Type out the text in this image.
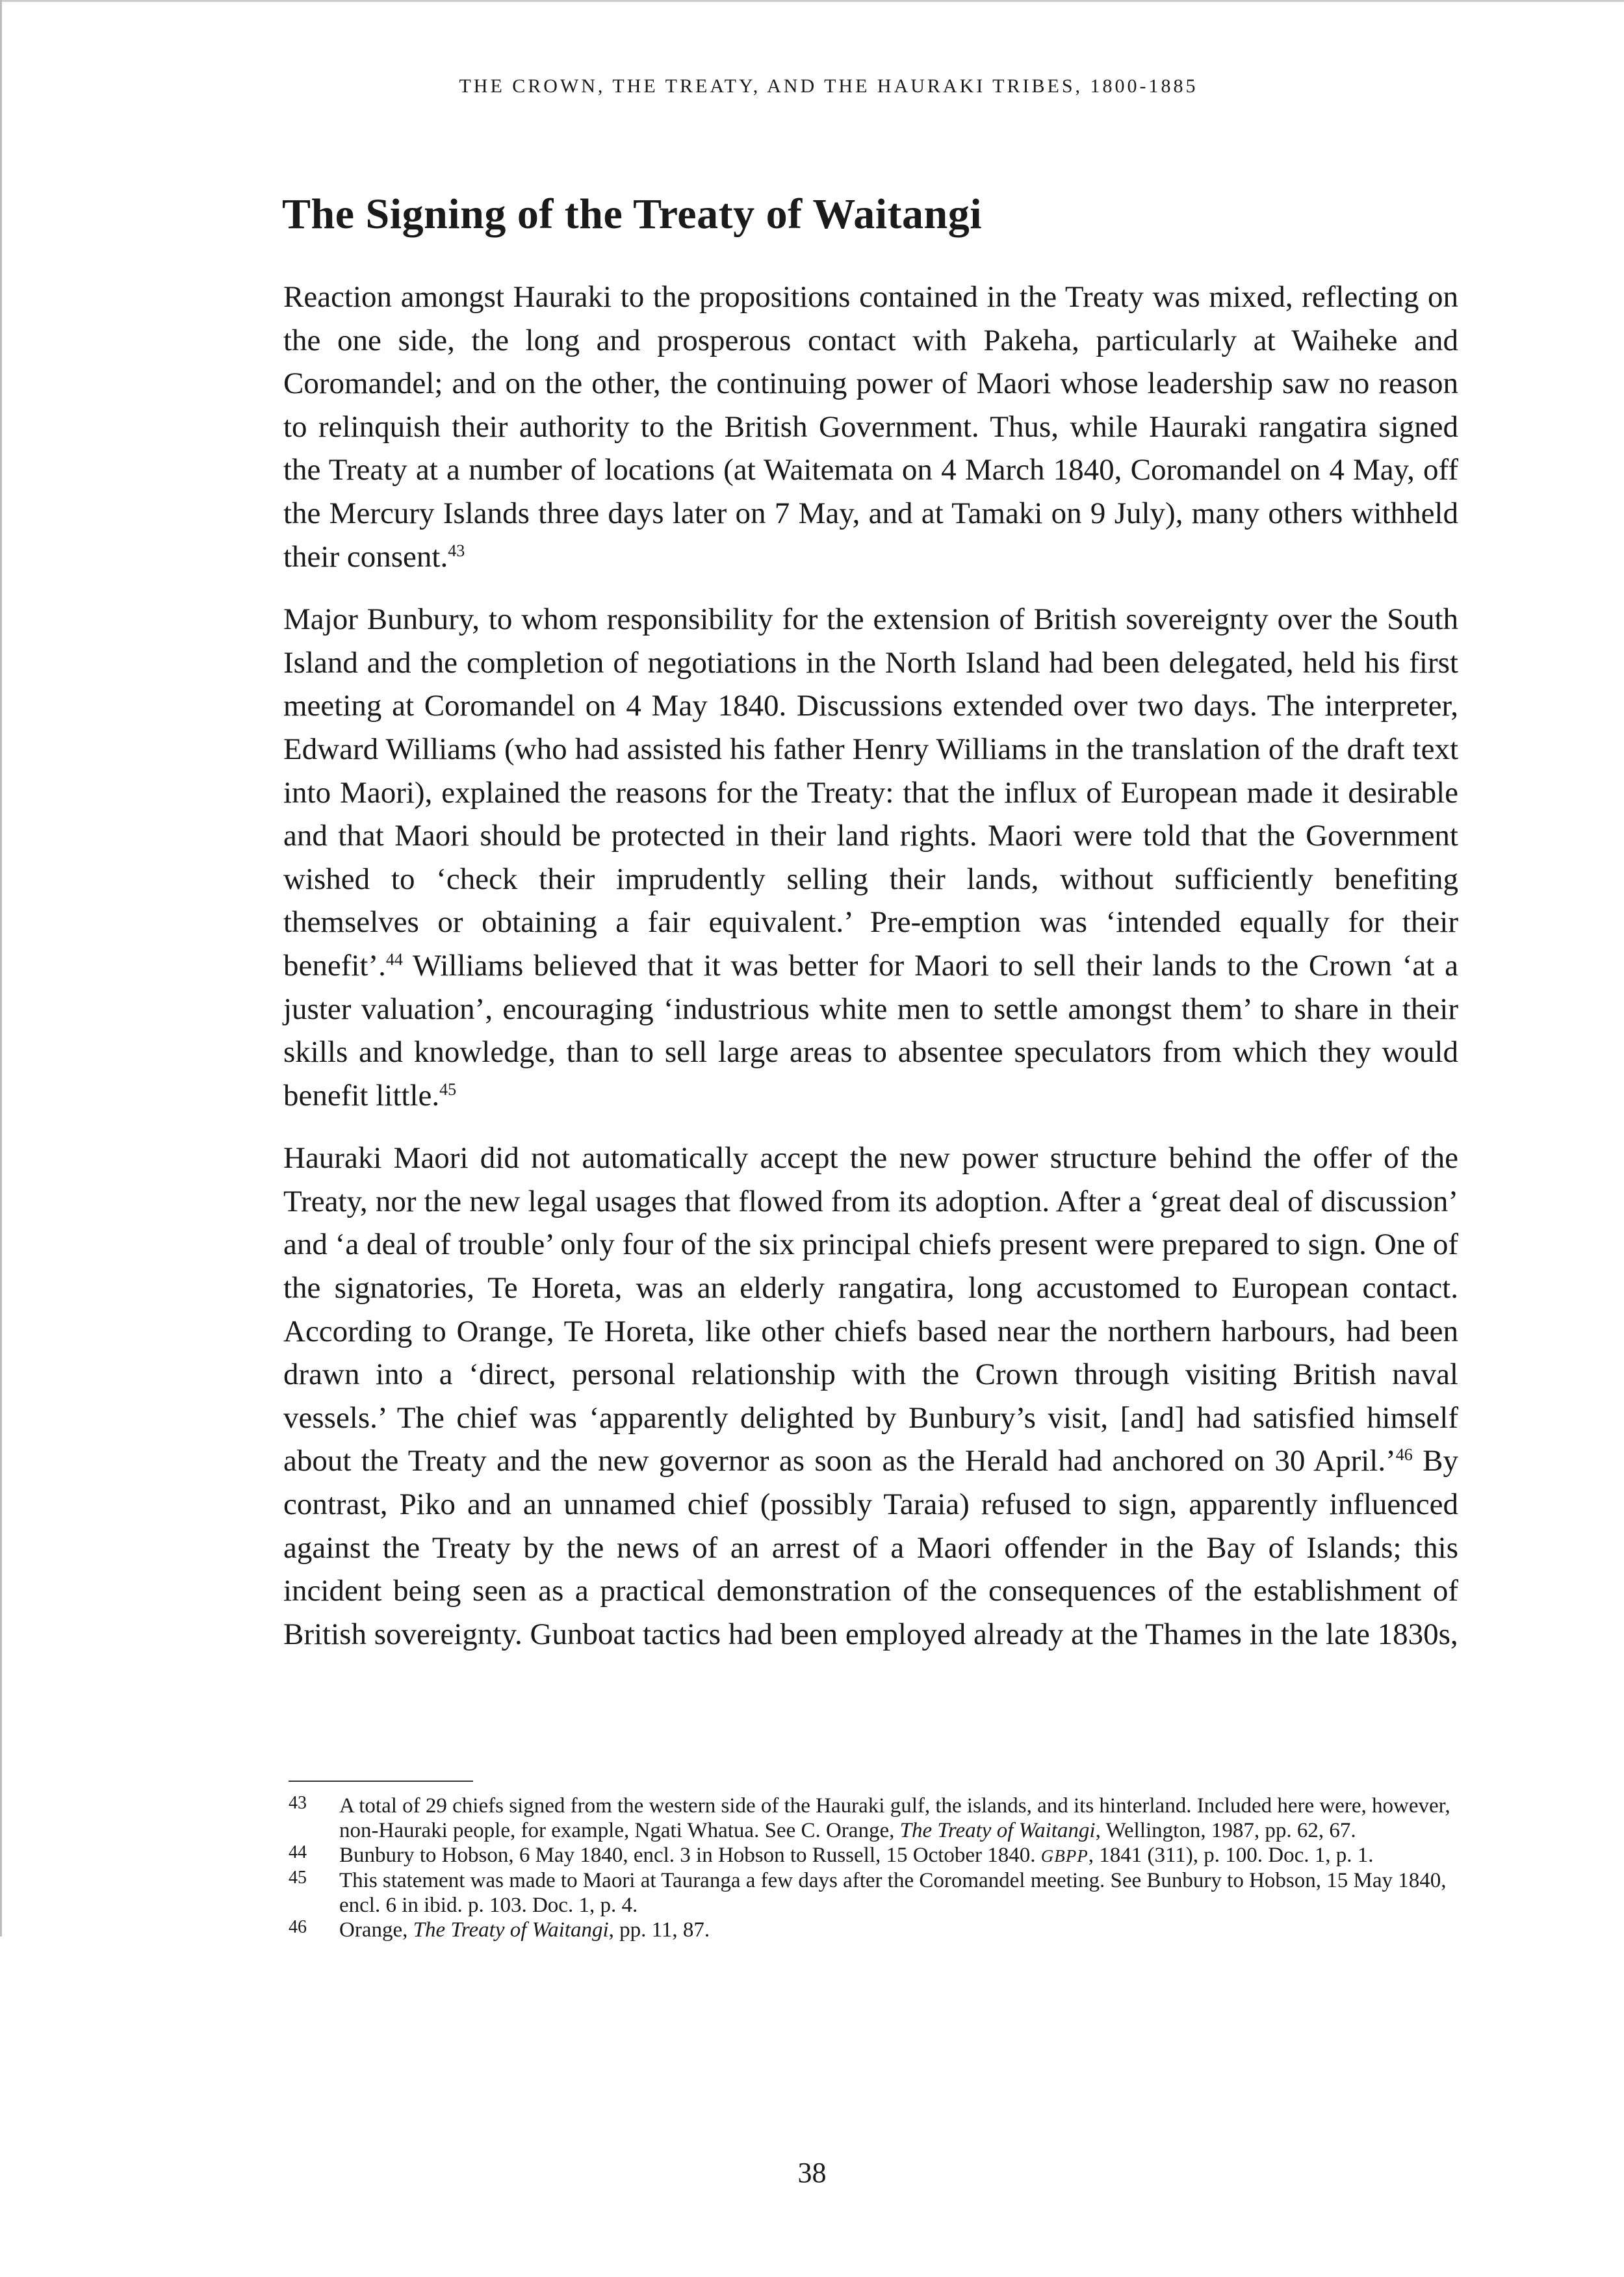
THE CROWN, THE TREATY, AND THE HAURAKI TRIBES, 1800-1885
The Signing of the Treaty of Waitangi

Reaction amongst Hauraki to the propositions contained in the Treaty was mixed, reflecting on the one side, the long and prosperous contact with Pakeha, particularly at Waiheke and Coromandel; and on the other, the continuing power of Maori whose leadership saw no reason to relinquish their authority to the British Government. Thus, while Hauraki rangatira signed the Treaty at a number of locations (at Waitemata on 4 March 1840, Coromandel on 4 May, off the Mercury Islands three days later on 7 May, and at Tamaki on 9 July), many others withheld their consent.$^{43}$

Major Bunbury, to whom responsibility for the extension of British sovereignty over the South Island and the completion of negotiations in the North Island had been delegated, held his first meeting at Coromandel on 4 May 1840. Discussions extended over two days. The interpreter, Edward Williams (who had assisted his father Henry Williams in the translation of the draft text into Maori), explained the reasons for the Treaty: that the influx of European made it desirable and that Maori should be protected in their land rights. Maori were told that the Government wished to ‘check their imprudently selling their lands, without sufficiently benefiting themselves or obtaining a fair equivalent.’ Pre-emption was ‘intended equally for their benefit’.$^{44}$ Williams believed that it was better for Maori to sell their lands to the Crown ‘at a juster valuation’, encouraging ‘industrious white men to settle amongst them’ to share in their skills and knowledge, than to sell large areas to absentee speculators from which they would benefit little.$^{45}$

Hauraki Maori did not automatically accept the new power structure behind the offer of the Treaty, nor the new legal usages that flowed from its adoption. After a ‘great deal of discussion’ and ‘a deal of trouble’ only four of the six principal chiefs present were prepared to sign. One of the signatories, Te Horeta, was an elderly rangatira, long accustomed to European contact. According to Orange, Te Horeta, like other chiefs based near the northern harbours, had been drawn into a ‘direct, personal relationship with the Crown through visiting British naval vessels.’ The chief was ‘apparently delighted by Bunbury’s visit, [and] had satisfied himself about the Treaty and the new governor as soon as the Herald had anchored on 30 April.’$^{46}$ By contrast, Piko and an unnamed chief (possibly Taraia) refused to sign, apparently influenced against the Treaty by the news of an arrest of a Maori offender in the Bay of Islands; this incident being seen as a practical demonstration of the consequences of the establishment of British sovereignty. Gunboat tactics had been employed already at the Thames in the late 1830s,

43	A total of 29 chiefs signed from the western side of the Hauraki gulf, the islands, and its hinterland. Included here were, however, non-Hauraki people, for example, Ngati Whatua. See C. Orange, The Treaty of Waitangi, Wellington, 1987, pp. 62, 67.
44	Bunbury to Hobson, 6 May 1840, encl. 3 in Hobson to Russell, 15 October 1840. GBPP, 1841 (311), p. 100. Doc. 1, p. 1.
45	This statement was made to Maori at Tauranga a few days after the Coromandel meeting. See Bunbury to Hobson, 15 May 1840, encl. 6 in ibid. p. 103. Doc. 1, p. 4.
46	Orange, The Treaty of Waitangi, pp. 11, 87.
38
